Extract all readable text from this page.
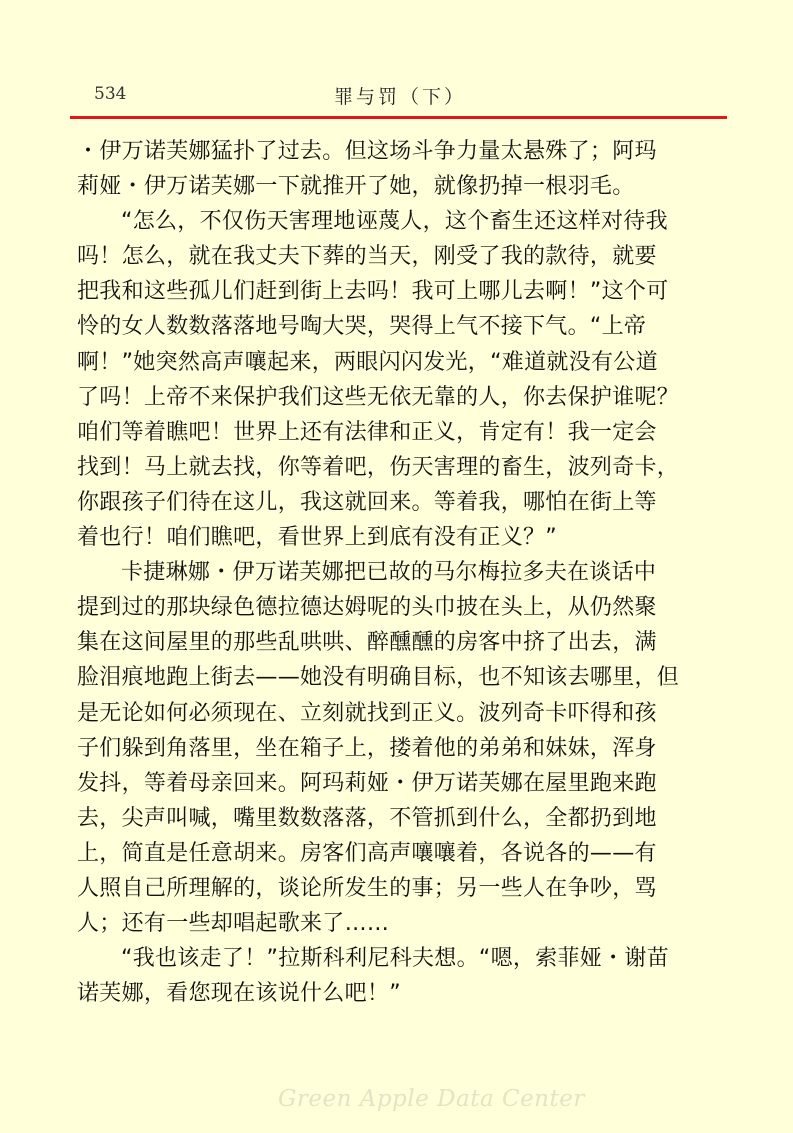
534	罪与罚（下）
・伊万诺芙娜猛扑了过去。但这场斗争力量太悬殊了；阿玛
莉娅・伊万诺芙娜一下就推开了她，就像扔掉一根羽毛。
“怎么，不仅伤天害理地诬蔑人，这个畜生还这样对待我
吗！怎么，就在我丈夫下葬的当天，刚受了我的款待，就要
把我和这些孤儿们赶到街上去吗！我可上哪儿去啊！”这个可
怜的女人数数落落地号啕大哭，哭得上气不接下气。“上帝
啊！”她突然高声嚷起来，两眼闪闪发光，“难道就没有公道
了吗！上帝不来保护我们这些无依无靠的人，你去保护谁呢？
咱们等着瞧吧！世界上还有法律和正义，肯定有！我一定会
找到！马上就去找，你等着吧，伤天害理的畜生，波列奇卡，
你跟孩子们待在这儿，我这就回来。等着我，哪怕在街上等
着也行！咱们瞧吧，看世界上到底有没有正义？”
卡捷琳娜・伊万诺芙娜把已故的马尔梅拉多夫在谈话中
提到过的那块绿色德拉德达姆呢的头巾披在头上，从仍然聚
集在这间屋里的那些乱哄哄、醉醺醺的房客中挤了出去，满
脸泪痕地跑上街去——她没有明确目标，也不知该去哪里，但
是无论如何必须现在、立刻就找到正义。波列奇卡吓得和孩
子们躲到角落里，坐在箱子上，搂着他的弟弟和妹妹，浑身
发抖，等着母亲回来。阿玛莉娅・伊万诺芙娜在屋里跑来跑
去，尖声叫喊，嘴里数数落落，不管抓到什么，全都扔到地
上，简直是任意胡来。房客们高声嚷嚷着，各说各的——有
人照自己所理解的，谈论所发生的事；另一些人在争吵，骂
人；还有一些却唱起歌来了……
“我也该走了！”拉斯科利尼科夫想。“嗯，索菲娅・谢苗
诺芙娜，看您现在该说什么吧！”
Green Apple Data Center
